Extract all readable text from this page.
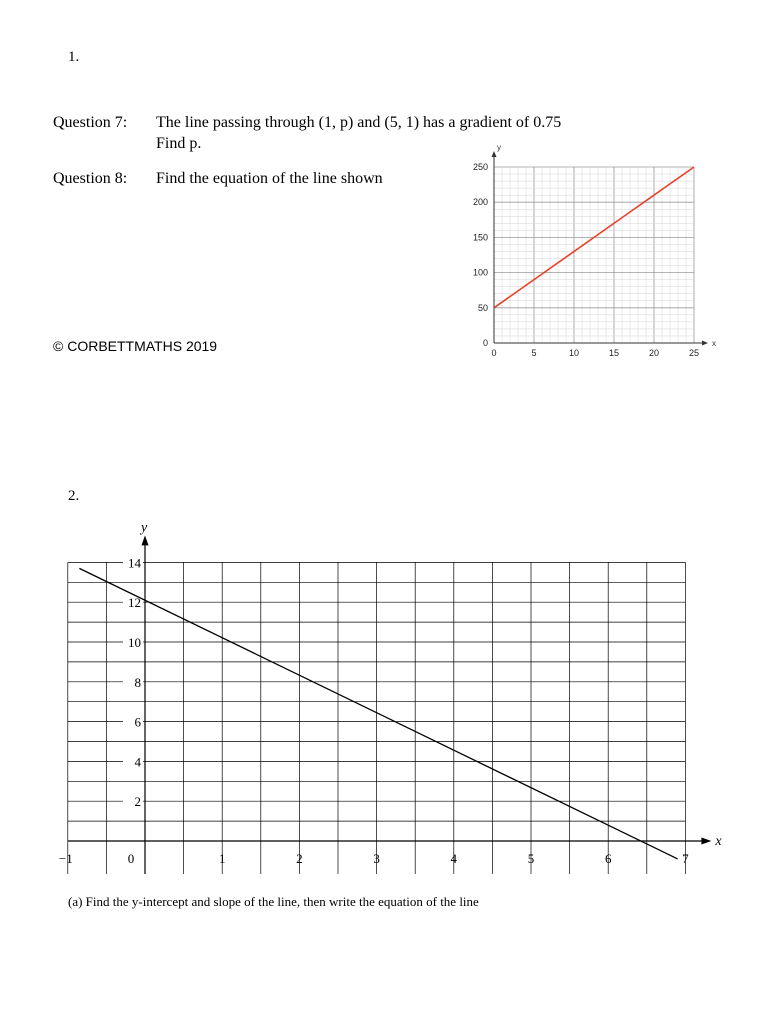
1.
Question 7: The line passing through (1, p) and (5, 1) has a gradient of 0.75
Find p.
Question 8: Find the equation of the line shown
© CORBETTMATHS 2019	x
y
0	5	10	15	20	25
0
50
100
150
200
250
2.
x
y
−1	0	1	2	3	4	5	6	7
2
4
6
8
10
12
14
(a) Find the y-intercept and slope of the line, then write the equation of the line
